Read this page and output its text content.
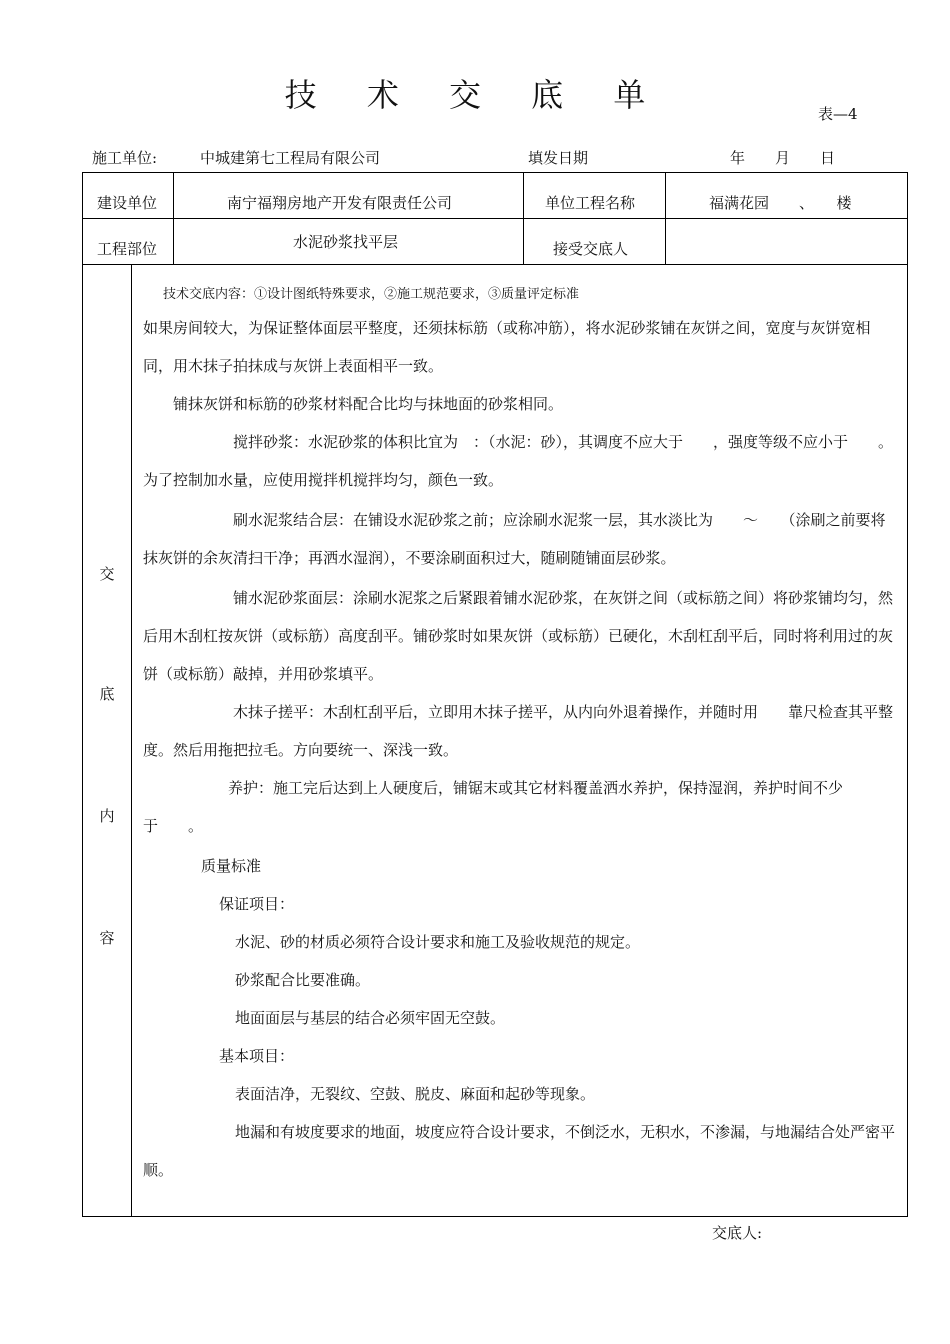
技 术 交 底 单	表—4
施工单位:	中城建第七工程局有限公司	填发日期	年　　月　　日
建设单位	南宁福翔房地产开发有限责任公司	单位工程名称	福满花园　　、　　楼
工程部位	水泥砂浆找平层	接受交底人
交
底
内
容
技术交底内容：①设计图纸特殊要求，②施工规范要求，③质量评定标准
如果房间较大，为保证整体面层平整度，还须抹标筋（或称冲筋），将水泥砂浆铺在灰饼之间，宽度与灰饼宽相同，用木抹子拍抹成与灰饼上表面相平一致。
铺抹灰饼和标筋的砂浆材料配合比均与抹地面的砂浆相同。
搅拌砂浆：水泥砂浆的体积比宜为　：（水泥：砂），其调度不应大于　　，强度等级不应小于　　。为了控制加水量，应使用搅拌机搅拌均匀，颜色一致。
刷水泥浆结合层：在铺设水泥砂浆之前；应涂刷水泥浆一层，其水淡比为　　～　　（涂刷之前要将抹灰饼的余灰清扫干净；再洒水湿润），不要涂刷面积过大，随刷随铺面层砂浆。
铺水泥砂浆面层：涂刷水泥浆之后紧跟着铺水泥砂浆，在灰饼之间（或标筋之间）将砂浆铺均匀，然后用木刮杠按灰饼（或标筋）高度刮平。铺砂浆时如果灰饼（或标筋）已硬化，木刮杠刮平后，同时将利用过的灰饼（或标筋）敲掉，并用砂浆填平。
木抹子搓平：木刮杠刮平后，立即用木抹子搓平，从内向外退着操作，并随时用　　靠尺检查其平整度。然后用拖把拉毛。方向要统一、深浅一致。
养护：施工完后达到上人硬度后，铺锯末或其它材料覆盖洒水养护，保持湿润，养护时间不少于　　。
质量标准
保证项目：
水泥、砂的材质必须符合设计要求和施工及验收规范的规定。
砂浆配合比要准确。
地面面层与基层的结合必须牢固无空鼓。
基本项目：
表面洁净，无裂纹、空鼓、脱皮、麻面和起砂等现象。
地漏和有坡度要求的地面，坡度应符合设计要求，不倒泛水，无积水，不渗漏，与地漏结合处严密平顺。
交底人:
